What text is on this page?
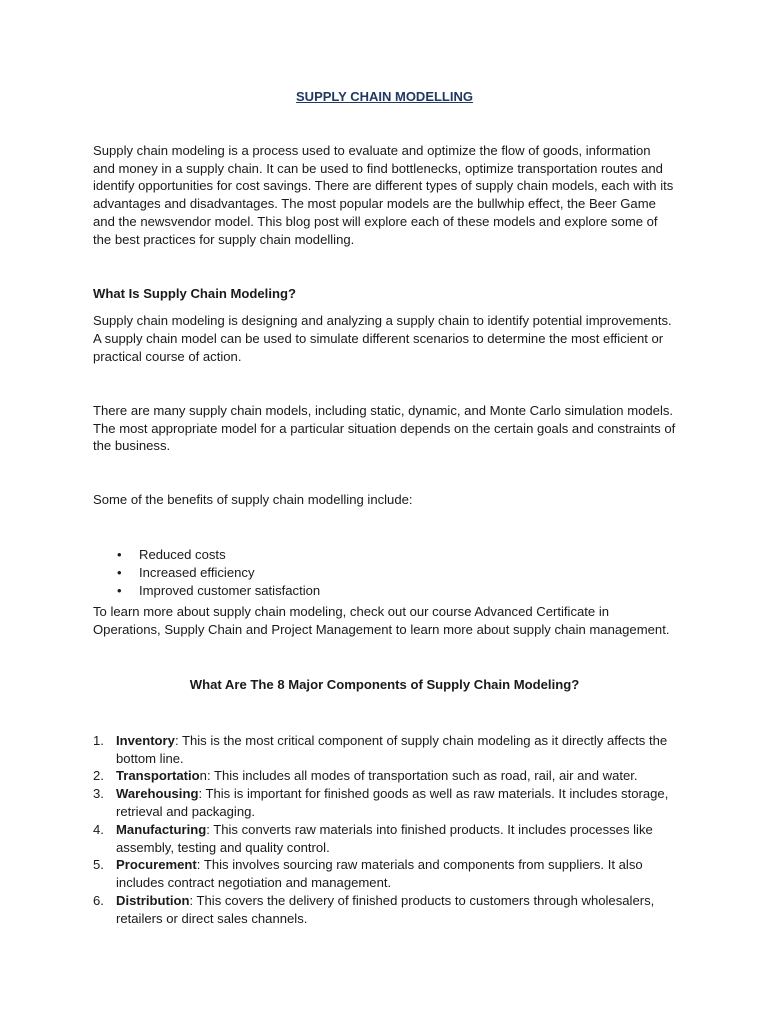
SUPPLY CHAIN MODELLING

Supply chain modeling is a process used to evaluate and optimize the flow of goods, information and money in a supply chain. It can be used to find bottlenecks, optimize transportation routes and identify opportunities for cost savings. There are different types of supply chain models, each with its advantages and disadvantages. The most popular models are the bullwhip effect, the Beer Game and the newsvendor model. This blog post will explore each of these models and explore some of the best practices for supply chain modelling.

What Is Supply Chain Modeling?

Supply chain modeling is designing and analyzing a supply chain to identify potential improvements. A supply chain model can be used to simulate different scenarios to determine the most efficient or practical course of action.

There are many supply chain models, including static, dynamic, and Monte Carlo simulation models. The most appropriate model for a particular situation depends on the certain goals and constraints of the business.

Some of the benefits of supply chain modelling include:

• Reduced costs
• Increased efficiency
• Improved customer satisfaction

To learn more about supply chain modeling, check out our course Advanced Certificate in Operations, Supply Chain and Project Management to learn more about supply chain management.

What Are The 8 Major Components of Supply Chain Modeling?

1. Inventory: This is the most critical component of supply chain modeling as it directly affects the bottom line.
2. Transportation: This includes all modes of transportation such as road, rail, air and water.
3. Warehousing: This is important for finished goods as well as raw materials. It includes storage, retrieval and packaging.
4. Manufacturing: This converts raw materials into finished products. It includes processes like assembly, testing and quality control.
5. Procurement: This involves sourcing raw materials and components from suppliers. It also includes contract negotiation and management.
6. Distribution: This covers the delivery of finished products to customers through wholesalers, retailers or direct sales channels.
